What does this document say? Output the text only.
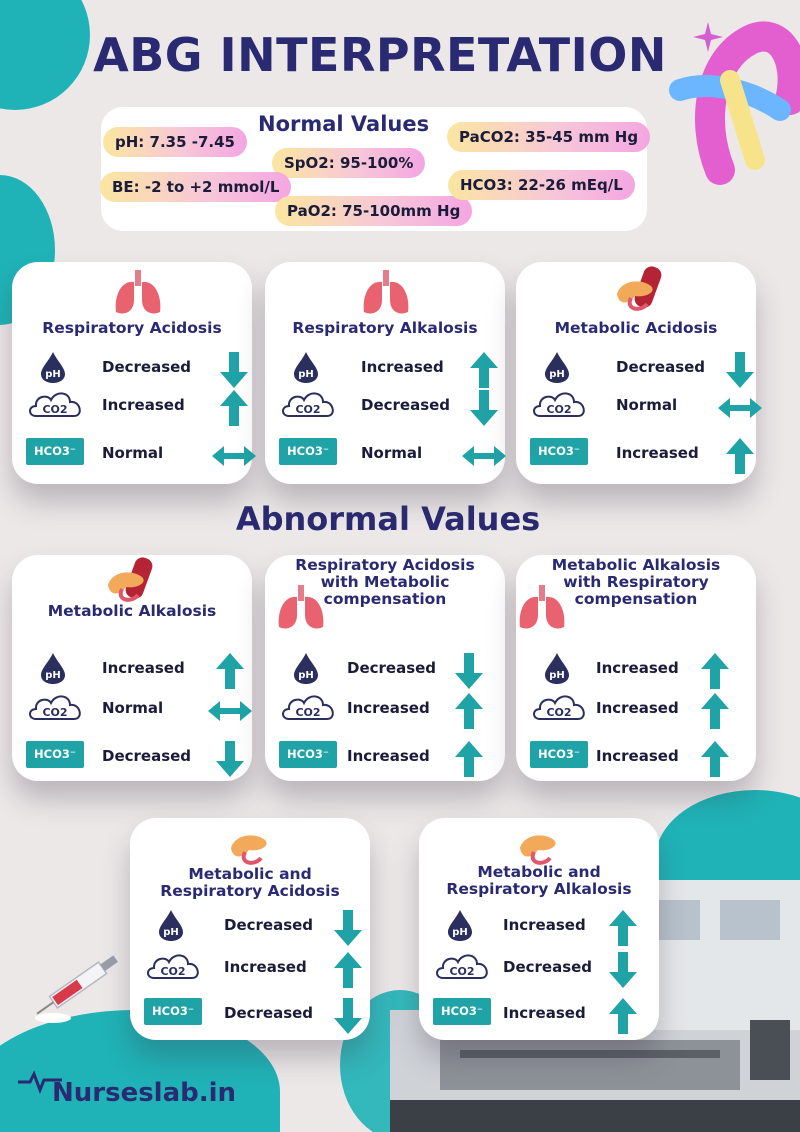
ABG INTERPRETATION
Normal Values
pH: 7.35 -7.45
SpO2: 95-100%
BE: -2 to +2 mmol/L
PaO2: 75-100mm Hg
PaCO2: 35-45 mm Hg
HCO3: 22-26 mEq/L
Abnormal Values
Respiratory Acidosis
pH	Decreased
CO2 Increased
HCO3⁻	Normal
Respiratory Alkalosis
pH	Increased
CO2	Decreased
HCO3⁻	Normal
Metabolic Acidosis
pH	Decreased
CO2	Normal
HCO3⁻	Increased
Metabolic Alkalosis
pH	Increased
CO2 Normal
HCO3⁻	Decreased
Respiratory Acidosis
with Metabolic
compensation
pH Decreased
CO2 Increased
HCO3⁻	Increased
Metabolic Alkalosis
with Respiratory
compensation
pH Increased
CO2 Increased
HCO3⁻	Increased
Metabolic and
Respiratory Acidosis
pH	Decreased
CO2	Increased
HCO3⁻	Decreased
Metabolic and
Respiratory Alkalosis
pH Increased
CO2 Decreased
HCO3⁻	Increased
Nurseslab.in
ONE STOP NURSING SOLUTIONS
